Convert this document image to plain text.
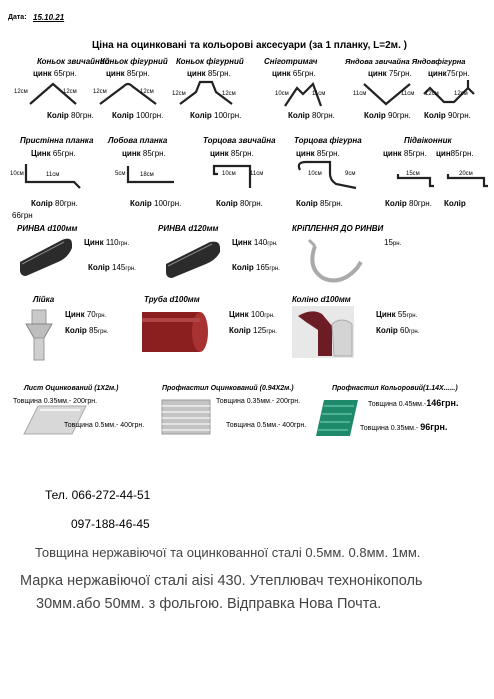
Дата: 15.10.21
Ціна на оцинковані та кольорові аксесуари (за 1 планку, L=2м. )
Коньок звичайний
цинк 65грн.
12см	12см
Колір 80грн.
Коньок фігурний
цинк 85грн.
12см	12см
Колір 100грн.
Коньок фігурний
цинк 85грн.
12см	12см
Колір 100грн.
Сніготримач
цинк 65грн.
10см	11см
Колір 80грн.
Яндова звичайна Яндовфігурна
цинк 75грн. цинк75грн.
11см	11см 12см	12см
Колір 90грн. Колір 90грн.
Пристінна планка
Цинк 65грн.
10см	11см
Колір 80грн.
66грн
Лобова планка
цинк 85грн.
5см 18см
Колір 100грн.
Торцова звичайна
цинк 85грн.
10см 11см
Колір 80грн.
Торцова фігурна
цинк 85грн.
10см	9см
Колір 85грн.
Підвіконник
цинк 85грн. цин85грн.
15см	20см
Колір 80грн. Колір
РИНВА d100мм
Цинк 110грн.
Колір 145грн.
РИНВА d120мм
Цинк 140грн.
Колір 165грн.
КРіПЛЕННЯ ДО РИНВИ
15рн.
Лійка
Цинк 70грн.
Колір 85грн.
Труба d100мм
Цинк 100грн.
Колір 125грн.
Коліно d100мм
Цинк 55грн.
Колір 60грн.
Лист Оцинкований (1Х2м.)
Товщина 0.35мм.- 200грн.
Товщина 0.5мм.- 400грн.
Профнастил Оцинкований (0.94Х2м.)
Товщина 0.35мм.- 200грн.
Товщина 0.5мм.- 400грн.
Профнастил Кольоровий(1.14Х......)
Товщина 0.45мм.-146грн.
Товщина 0.35мм.- 96грн.
Тел. 066-272-44-51
097-188-46-45
Товщина нержавіючої та оцинкованної сталі 0.5мм. 0.8мм. 1мм.
Марка нержавіючої сталі aisi 430. Утеплювач технонікополь
30мм.або 50мм. з фольгою. Відправка Нова Почта.
